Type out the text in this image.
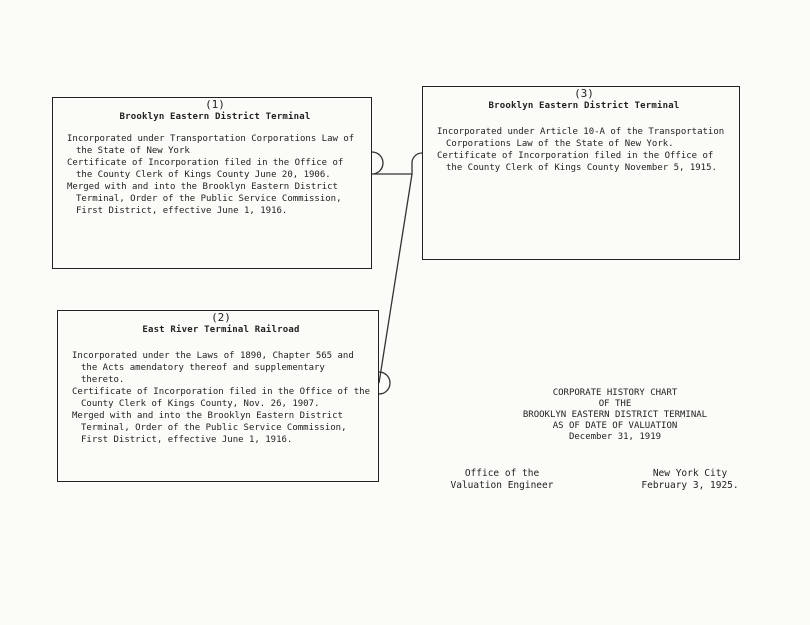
(1)
Brooklyn Eastern District Terminal

Incorporated under Transportation Corporations Law of the State of New York

Certificate of Incorporation filed in the Office of the County Clerk of Kings County June 20, 1906.

Merged with and into the Brooklyn Eastern District Terminal, Order of the Public Service Commission, First District, effective June 1, 1916.

(2)
East River Terminal Railroad

Incorporated under the Laws of 1890, Chapter 565 and the Acts amendatory thereof and supplementary thereto.

Certificate of Incorporation filed in the Office of the County Clerk of Kings County, Nov. 26, 1907.

Merged with and into the Brooklyn Eastern District Terminal, Order of the Public Service Commission, First District, effective June 1, 1916.

(3)
Brooklyn Eastern District Terminal

Incorporated under Article 10-A of the Transportation Corporations Law of the State of New York.

Certificate of Incorporation filed in the Office of the County Clerk of Kings County November 5, 1915.

CORPORATE HISTORY CHART
OF THE
BROOKLYN EASTERN DISTRICT TERMINAL
AS OF DATE OF VALUATION
December 31, 1919
Office of the
Valuation Engineer
New York City
February 3, 1925.
